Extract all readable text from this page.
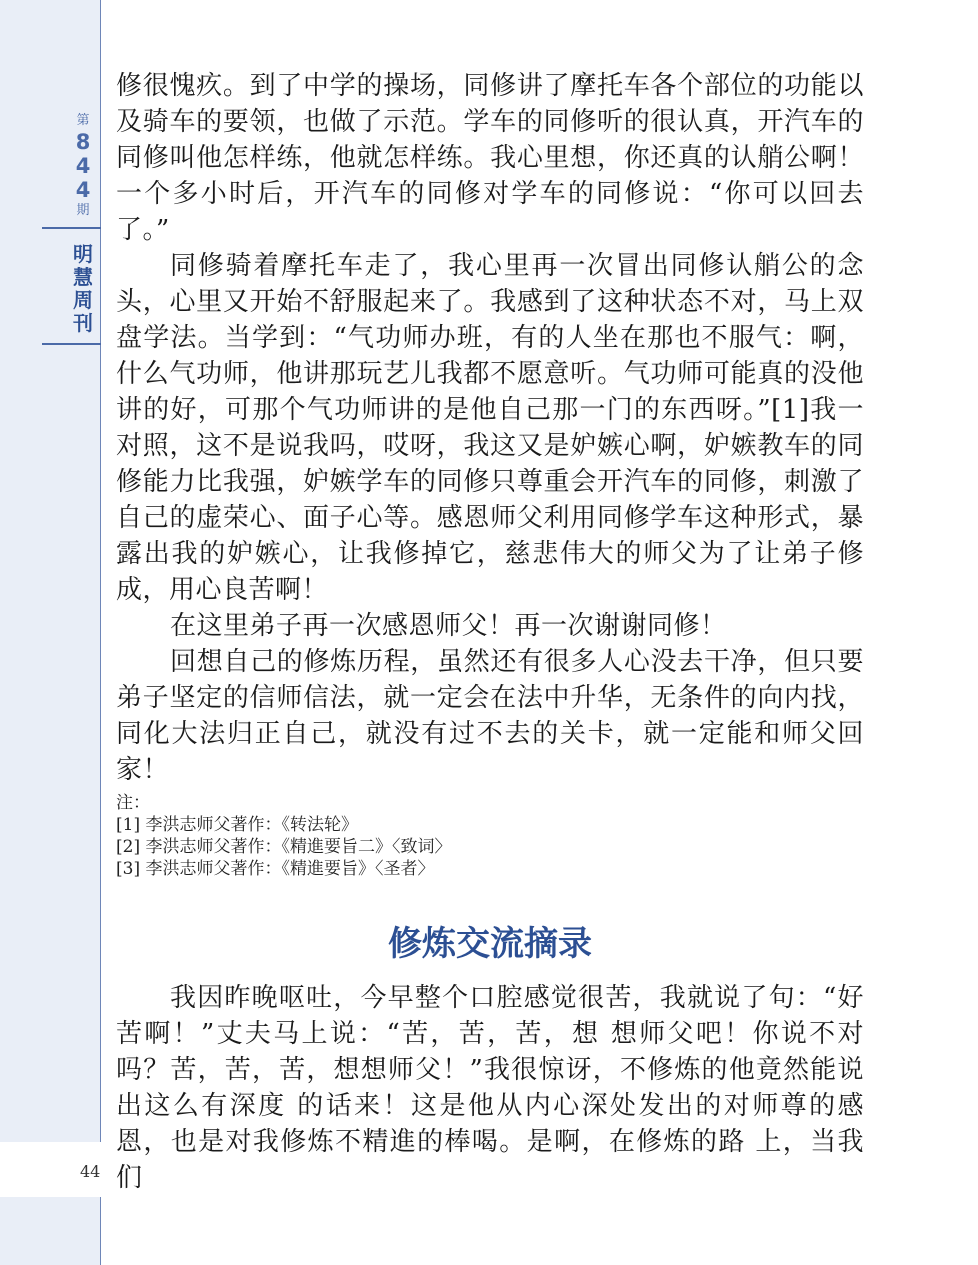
第
8
4
4
期
明
慧
周
刊
44

修很愧疚。到了中学的操场，同修讲了摩托车各个部位的功能以及骑车的要领，也做了示范。学车的同修听的很认真，开汽车的同修叫他怎样练，他就怎样练。我心里想，你还真的认艄公啊！一个多小时后，开汽车的同修对学车的同修说：“你可以回去了。”

同修骑着摩托车走了，我心里再一次冒出同修认艄公的念头，心里又开始不舒服起来了。我感到了这种状态不对，马上双盘学法。当学到：“气功师办班，有的人坐在那也不服气：啊，什么气功师，他讲那玩艺儿我都不愿意听。气功师可能真的没他讲的好，可那个气功师讲的是他自己那一门的东西呀。”[1]我一对照，这不是说我吗，哎呀，我这又是妒嫉心啊，妒嫉教车的同修能力比我强，妒嫉学车的同修只尊重会开汽车的同修，刺激了自己的虚荣心、面子心等。感恩师父利用同修学车这种形式，暴露出我的妒嫉心，让我修掉它，慈悲伟大的师父为了让弟子修成，用心良苦啊！

在这里弟子再一次感恩师父！再一次谢谢同修！

回想自己的修炼历程，虽然还有很多人心没去干净，但只要弟子坚定的信师信法，就一定会在法中升华，无条件的向内找，同化大法归正自己，就没有过不去的关卡，就一定能和师父回家！

注：
[1] 李洪志师父著作：《转法轮》
[2] 李洪志师父著作：《精進要旨二》〈致词〉
[3] 李洪志师父著作：《精進要旨》〈圣者〉
修炼交流摘录

我因昨晚呕吐，今早整个口腔感觉很苦，我就说了句：“好苦啊！”丈夫马上说：“苦，苦，苦，想 想师父吧！你说不对吗？苦，苦，苦，想想师父！”我很惊讶，不修炼的他竟然能说出这么有深度 的话来！这是他从内心深处发出的对师尊的感恩，也是对我修炼不精進的棒喝。是啊，在修炼的路 上，当我们
